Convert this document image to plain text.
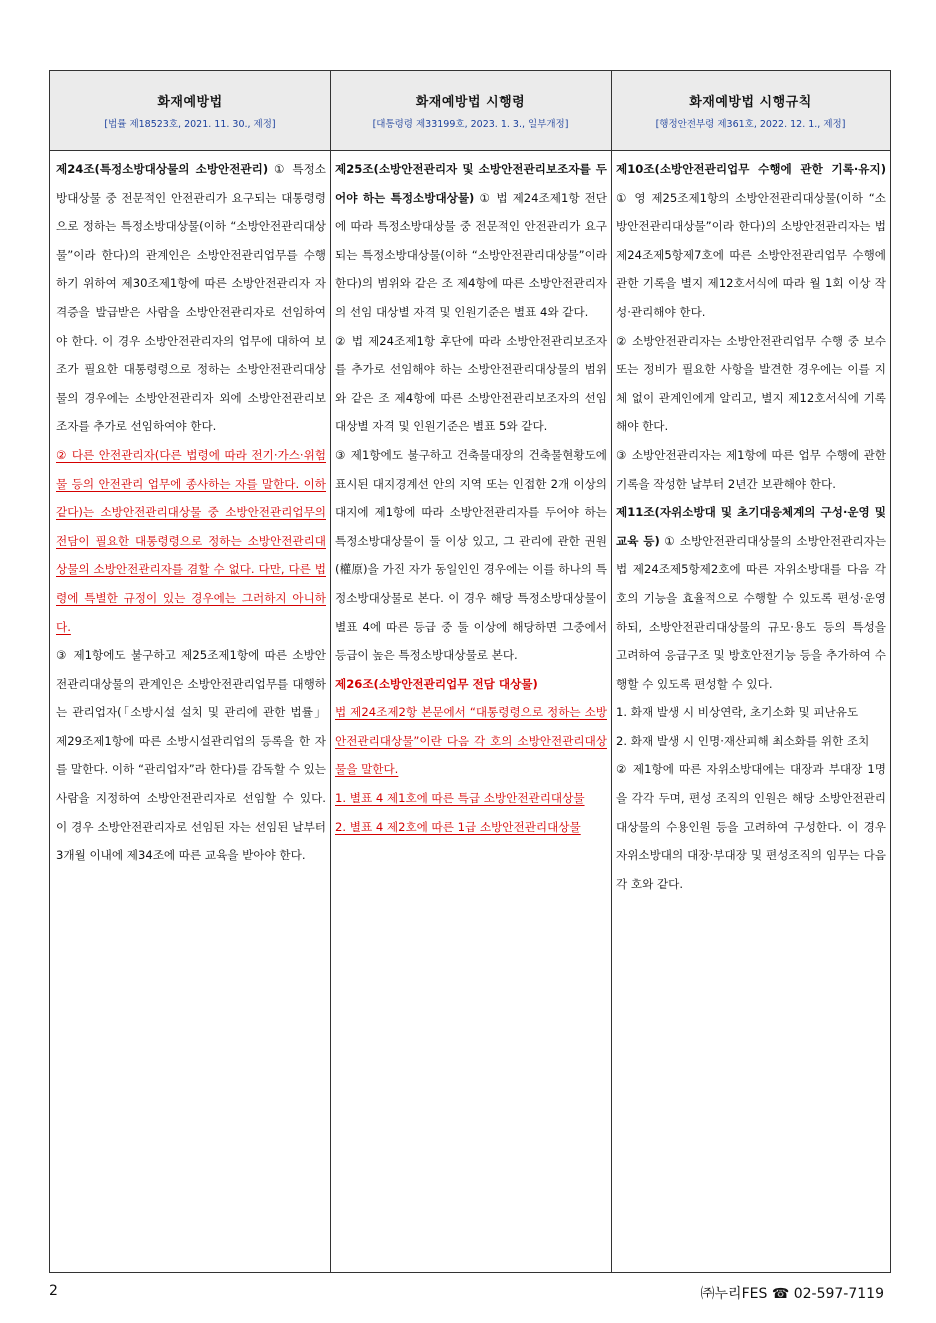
화재예방법
[법률 제18523호, 2021. 11. 30., 제정]
화재예방법 시행령
[대통령령 제33199호, 2023. 1. 3., 일부개정]
화재예방법 시행규칙
[행정안전부령 제361호, 2022. 12. 1., 제정]

제24조(특정소방대상물의 소방안전관리) ① 특정소방대상물 중 전문적인 안전관리가 요구되는 대통령령으로 정하는 특정소방대상물(이하 “소방안전관리대상물”이라 한다)의 관계인은 소방안전관리업무를 수행하기 위하여 제30조제1항에 따른 소방안전관리자 자격증을 발급받은 사람을 소방안전관리자로 선임하여야 한다. 이 경우 소방안전관리자의 업무에 대하여 보조가 필요한 대통령령으로 정하는 소방안전관리대상물의 경우에는 소방안전관리자 외에 소방안전관리보조자를 추가로 선임하여야 한다.

② 다른 안전관리자(다른 법령에 따라 전기·가스·위험물 등의 안전관리 업무에 종사하는 자를 말한다. 이하 같다)는 소방안전관리대상물 중 소방안전관리업무의 전담이 필요한 대통령령으로 정하는 소방안전관리대상물의 소방안전관리자를 겸할 수 없다. 다만, 다른 법령에 특별한 규정이 있는 경우에는 그러하지 아니하다.

③ 제1항에도 불구하고 제25조제1항에 따른 소방안전관리대상물의 관계인은 소방안전관리업무를 대행하는 관리업자(「소방시설 설치 및 관리에 관한 법률」 제29조제1항에 따른 소방시설관리업의 등록을 한 자를 말한다. 이하 “관리업자”라 한다)를 감독할 수 있는 사람을 지정하여 소방안전관리자로 선임할 수 있다. 이 경우 소방안전관리자로 선임된 자는 선임된 날부터 3개월 이내에 제34조에 따른 교육을 받아야 한다.

제25조(소방안전관리자 및 소방안전관리보조자를 두어야 하는 특정소방대상물) ① 법 제24조제1항 전단에 따라 특정소방대상물 중 전문적인 안전관리가 요구되는 특정소방대상물(이하 “소방안전관리대상물”이라 한다)의 범위와 같은 조 제4항에 따른 소방안전관리자의 선임 대상별 자격 및 인원기준은 별표 4와 같다.

② 법 제24조제1항 후단에 따라 소방안전관리보조자를 추가로 선임해야 하는 소방안전관리대상물의 범위와 같은 조 제4항에 따른 소방안전관리보조자의 선임 대상별 자격 및 인원기준은 별표 5와 같다.

③ 제1항에도 불구하고 건축물대장의 건축물현황도에 표시된 대지경계선 안의 지역 또는 인접한 2개 이상의 대지에 제1항에 따라 소방안전관리자를 두어야 하는 특정소방대상물이 둘 이상 있고, 그 관리에 관한 권원(權原)을 가진 자가 동일인인 경우에는 이를 하나의 특정소방대상물로 본다. 이 경우 해당 특정소방대상물이 별표 4에 따른 등급 중 둘 이상에 해당하면 그중에서 등급이 높은 특정소방대상물로 본다.

제26조(소방안전관리업무 전담 대상물)

법 제24조제2항 본문에서 “대통령령으로 정하는 소방안전관리대상물”이란 다음 각 호의 소방안전관리대상물을 말한다.

1. 별표 4 제1호에 따른 특급 소방안전관리대상물

2. 별표 4 제2호에 따른 1급 소방안전관리대상물

제10조(소방안전관리업무 수행에 관한 기록·유지) ① 영 제25조제1항의 소방안전관리대상물(이하 “소방안전관리대상물”이라 한다)의 소방안전관리자는 법 제24조제5항제7호에 따른 소방안전관리업무 수행에 관한 기록을 별지 제12호서식에 따라 월 1회 이상 작성·관리해야 한다.

② 소방안전관리자는 소방안전관리업무 수행 중 보수 또는 정비가 필요한 사항을 발견한 경우에는 이를 지체 없이 관계인에게 알리고, 별지 제12호서식에 기록해야 한다.

③ 소방안전관리자는 제1항에 따른 업무 수행에 관한 기록을 작성한 날부터 2년간 보관해야 한다.

제11조(자위소방대 및 초기대응체계의 구성·운영 및 교육 등) ① 소방안전관리대상물의 소방안전관리자는 법 제24조제5항제2호에 따른 자위소방대를 다음 각 호의 기능을 효율적으로 수행할 수 있도록 편성·운영하되, 소방안전관리대상물의 규모·용도 등의 특성을 고려하여 응급구조 및 방호안전기능 등을 추가하여 수행할 수 있도록 편성할 수 있다.

1. 화재 발생 시 비상연락, 초기소화 및 피난유도

2. 화재 발생 시 인명·재산피해 최소화를 위한 조치

② 제1항에 따른 자위소방대에는 대장과 부대장 1명을 각각 두며, 편성 조직의 인원은 해당 소방안전관리대상물의 수용인원 등을 고려하여 구성한다. 이 경우 자위소방대의 대장·부대장 및 편성조직의 임무는 다음 각 호와 같다.

2	㈜누리FES ☎ 02-597-7119
